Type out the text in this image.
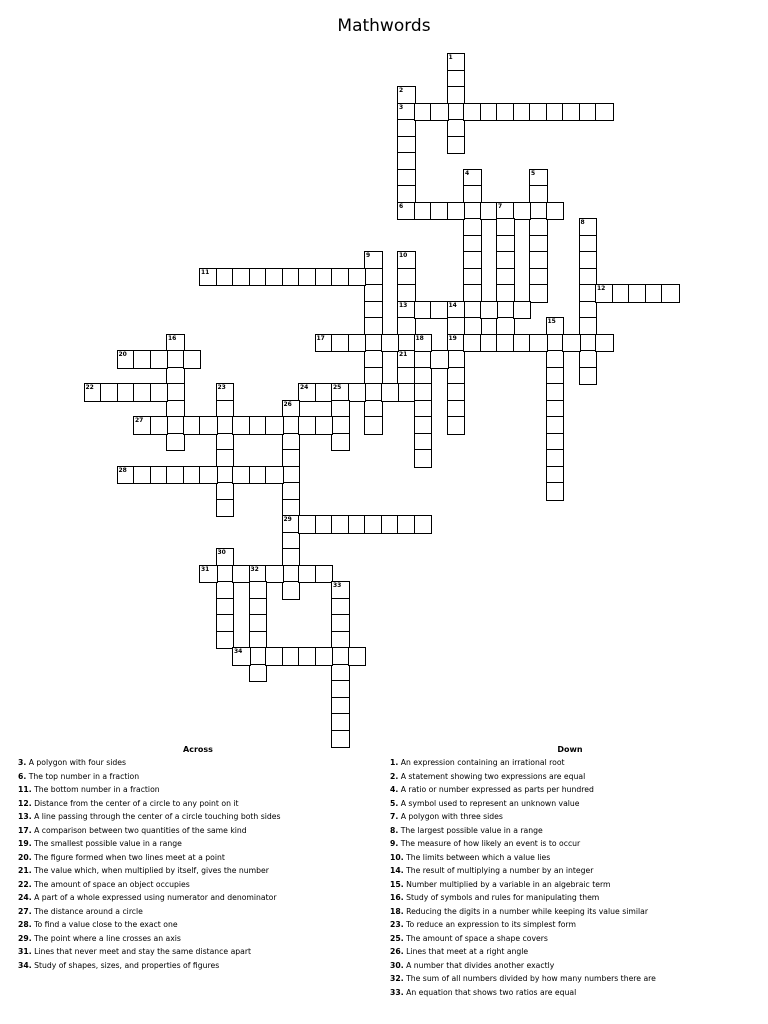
Mathwords
1
2
3
6
4	5
7
8
9	10
13
21
11
12
14
19
15
16	17
20
22	23	24	25
26
29
27
28
30
31	32
33
34
18
Across
3. A polygon with four sides
6. The top number in a fraction
11. The bottom number in a fraction
12. Distance from the center of a circle to any point on it
13. A line passing through the center of a circle touching both sides
17. A comparison between two quantities of the same kind
19. The smallest possible value in a range
20. The figure formed when two lines meet at a point
21. The value which, when multiplied by itself, gives the number
22. The amount of space an object occupies
24. A part of a whole expressed using numerator and denominator
27. The distance around a circle
28. To find a value close to the exact one
29. The point where a line crosses an axis
31. Lines that never meet and stay the same distance apart
34. Study of shapes, sizes, and properties of figures
Down
1. An expression containing an irrational root
2. A statement showing two expressions are equal
4. A ratio or number expressed as parts per hundred
5. A symbol used to represent an unknown value
7. A polygon with three sides
8. The largest possible value in a range
9. The measure of how likely an event is to occur
10. The limits between which a value lies
14. The result of multiplying a number by an integer
15. Number multiplied by a variable in an algebraic term
16. Study of symbols and rules for manipulating them
18. Reducing the digits in a number while keeping its value similar
23. To reduce an expression to its simplest form
25. The amount of space a shape covers
26. Lines that meet at a right angle
30. A number that divides another exactly
32. The sum of all numbers divided by how many numbers there are
33. An equation that shows two ratios are equal
